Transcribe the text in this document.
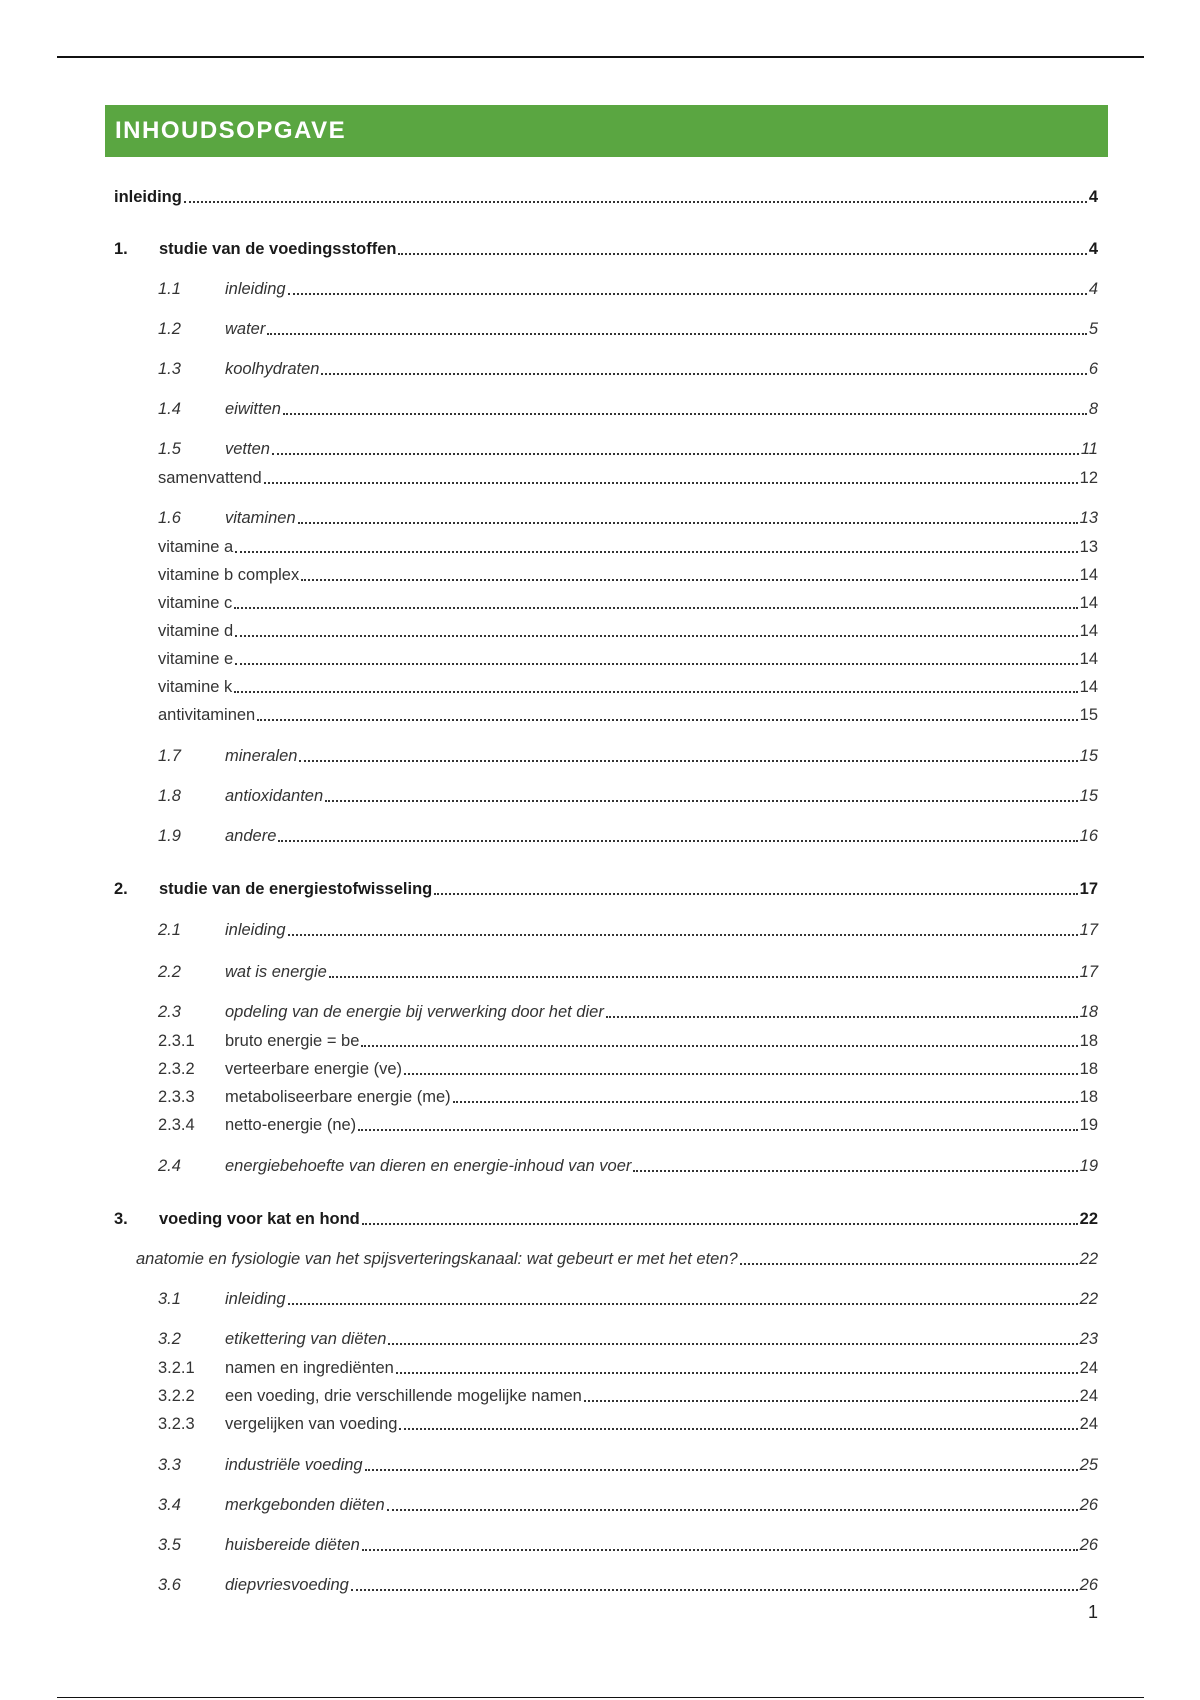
INHOUDSOPGAVE
inleiding	4
1.	studie van de voedingsstoffen	4
1.1	inleiding	4
1.2	water	5
1.3	koolhydraten	6
1.4	eiwitten	8
1.5	vetten	11
samenvattend	12
1.6	vitaminen	13
vitamine a	13
vitamine b complex	14
vitamine c	14
vitamine d	14
vitamine e	14
vitamine k	14
antivitaminen	15
1.7	mineralen	15
1.8	antioxidanten	15
1.9	andere	16
2.	studie van de energiestofwisseling	17
2.1	inleiding	17
2.2	wat is energie	17
2.3	opdeling van de energie bij verwerking door het dier	18
2.3.1	bruto energie = be	18
2.3.2	verteerbare energie (ve)	18
2.3.3	metaboliseerbare energie (me)	18
2.3.4	netto-energie (ne)	19
2.4	energiebehoefte van dieren en energie-inhoud van voer	19
3.	voeding voor kat en hond	22
anatomie en fysiologie van het spijsverteringskanaal: wat gebeurt er met het eten?	22
3.1	inleiding	22
3.2	etikettering van diëten	23
3.2.1	namen en ingrediënten	24
3.2.2	een voeding, drie verschillende mogelijke namen	24
3.2.3	vergelijken van voeding	24
3.3	industriële voeding	25
3.4	merkgebonden diëten	26
3.5	huisbereide diëten	26
3.6	diepvriesvoeding	26
1
